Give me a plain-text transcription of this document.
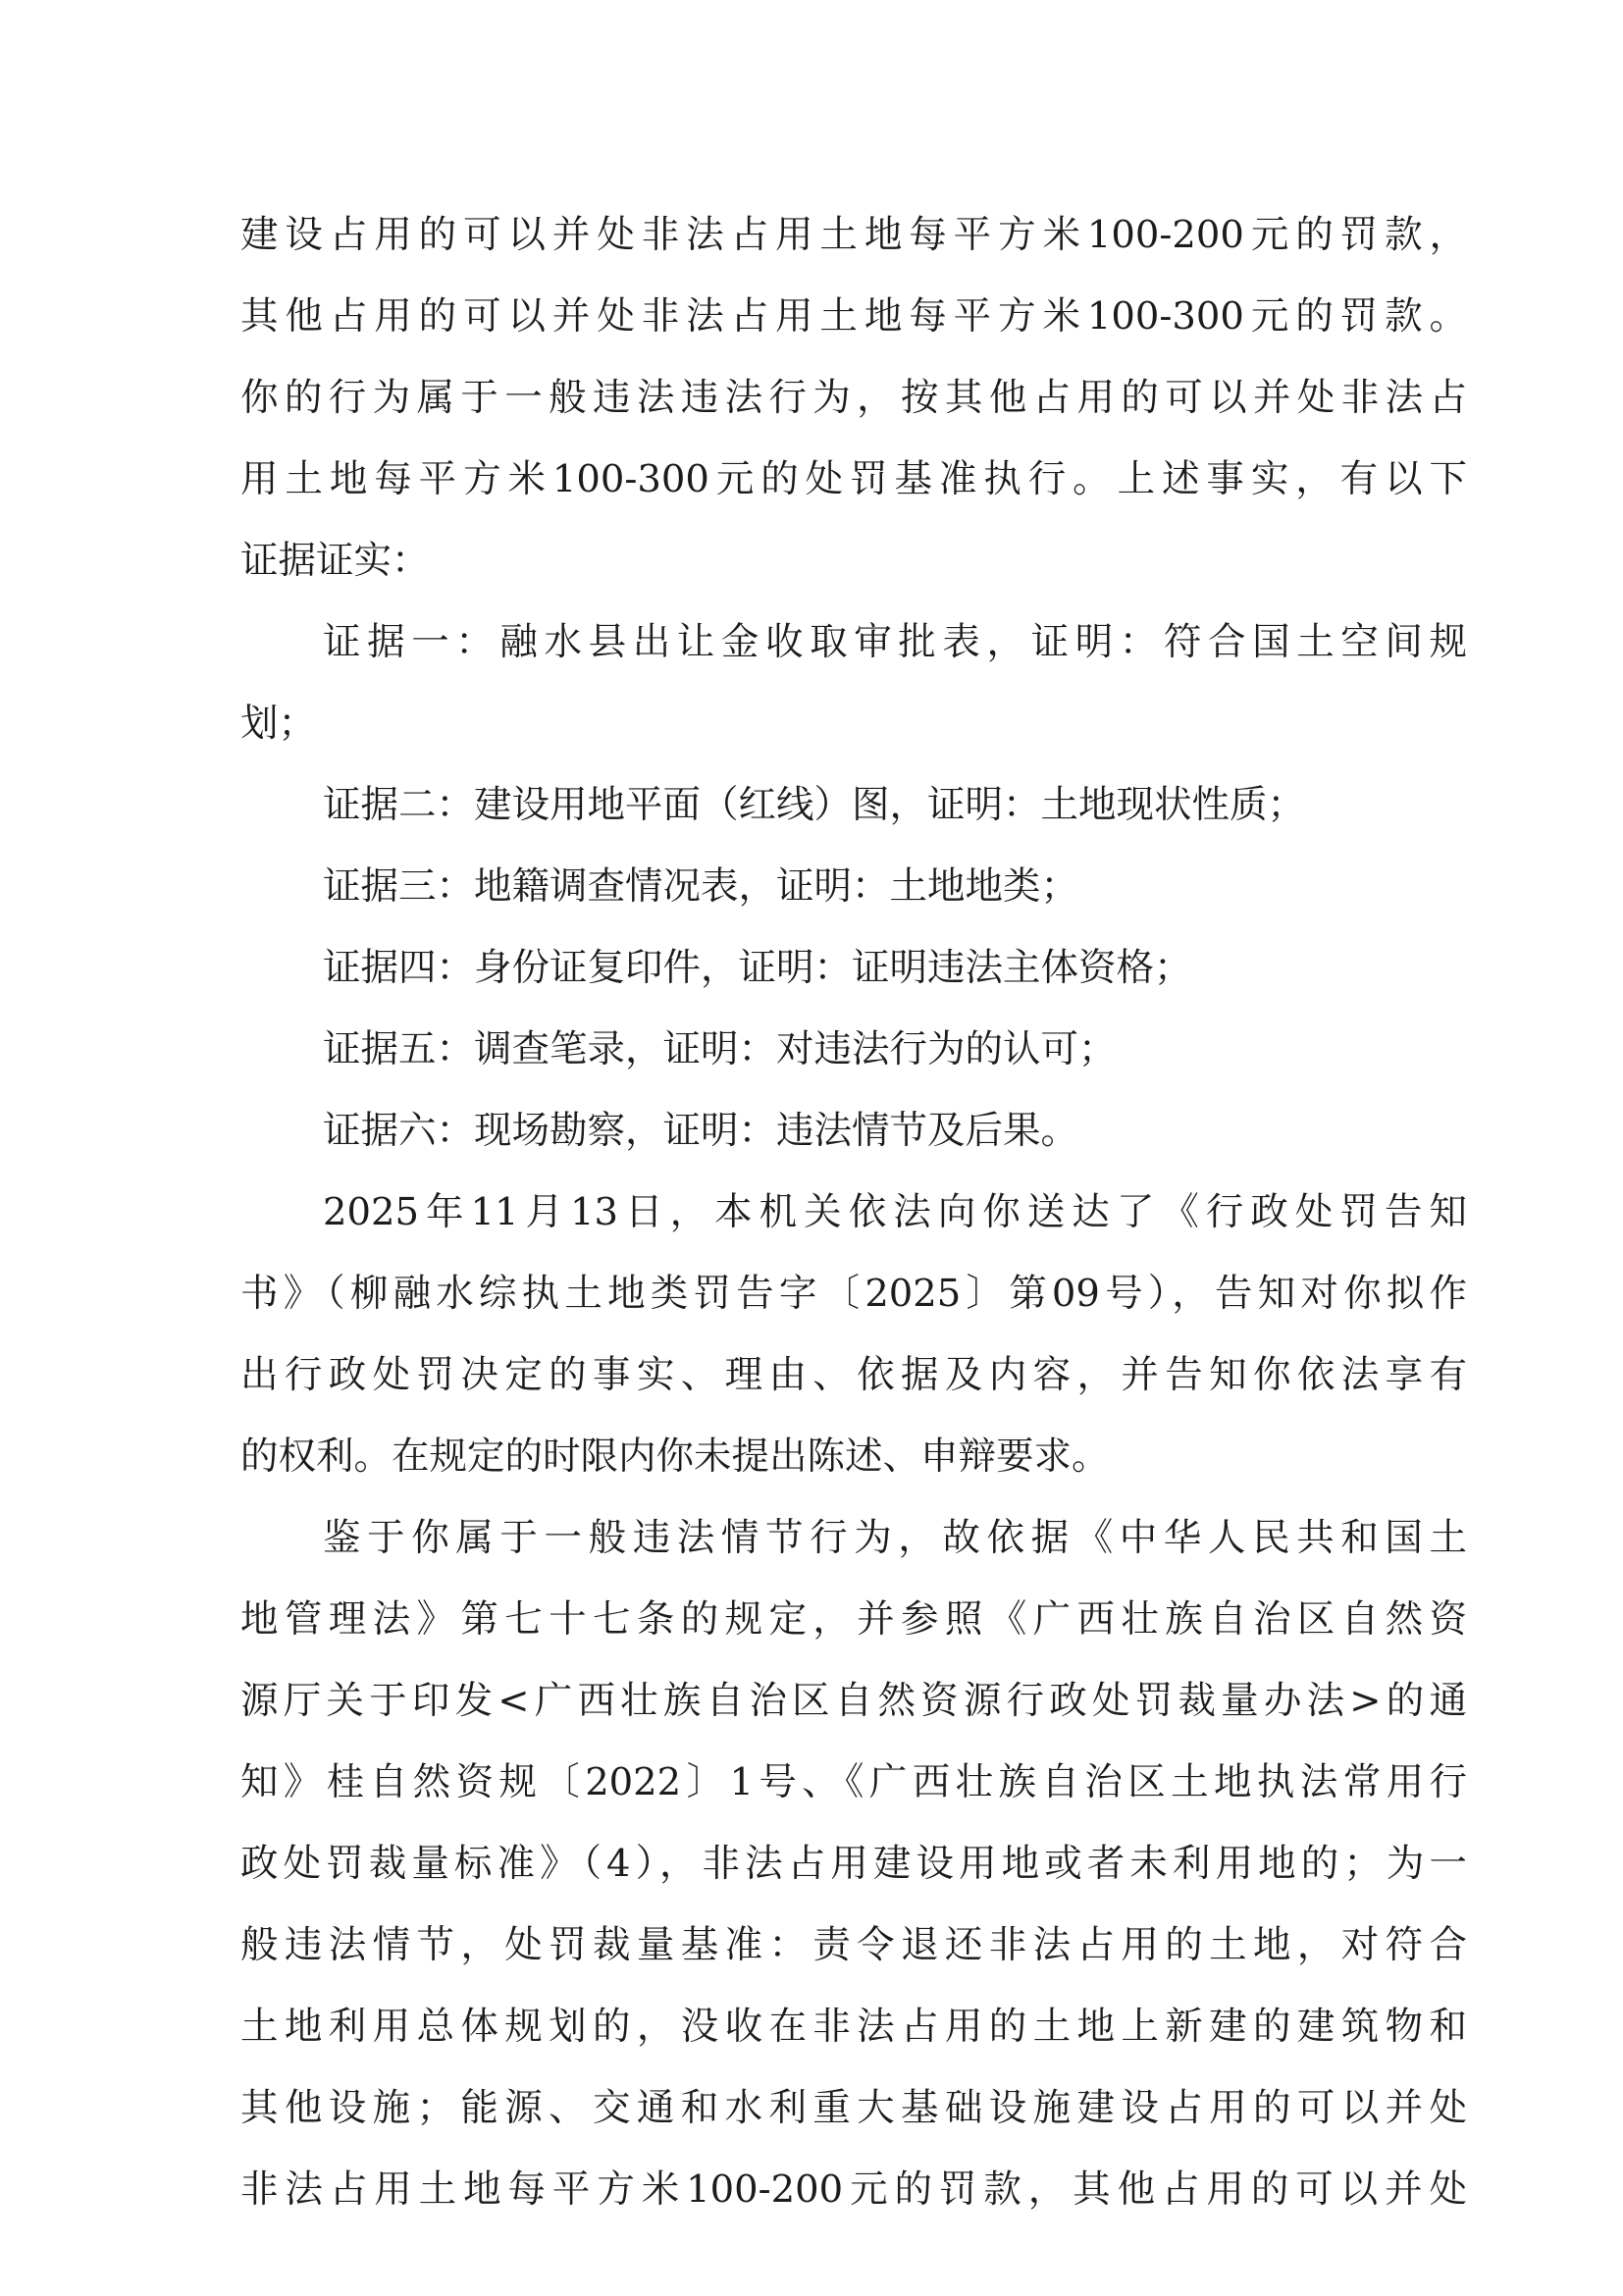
建设占用的可以并处非法占用土地每平方米100-200元的罚款，
其他占用的可以并处非法占用土地每平方米100-300元的罚款。
你的行为属于一般违法违法行为，按其他占用的可以并处非法占
用土地每平方米100-300元的处罚基准执行。上述事实，有以下
证据证实：
证据一：融水县出让金收取审批表，证明：符合国土空间规
划；
证据二：建设用地平面（红线）图，证明：土地现状性质；
证据三：地籍调查情况表，证明：土地地类；
证据四：身份证复印件，证明：证明违法主体资格；
证据五：调查笔录，证明：对违法行为的认可；
证据六：现场勘察，证明：违法情节及后果。
2025年11月13日，本机关依法向你送达了《行政处罚告知
书》（柳融水综执土地类罚告字〔2025〕第09号），告知对你拟作
出行政处罚决定的事实、理由、依据及内容，并告知你依法享有
的权利。在规定的时限内你未提出陈述、申辩要求。
鉴于你属于一般违法情节行为，故依据《中华人民共和国土
地管理法》第七十七条的规定，并参照《广西壮族自治区自然资
源厅关于印发<广西壮族自治区自然资源行政处罚裁量办法>的通
知》桂自然资规〔2022〕1号、《广西壮族自治区土地执法常用行
政处罚裁量标准》（4），非法占用建设用地或者未利用地的；为一
般违法情节，处罚裁量基准：责令退还非法占用的土地，对符合
土地利用总体规划的，没收在非法占用的土地上新建的建筑物和
其他设施；能源、交通和水利重大基础设施建设占用的可以并处
非法占用土地每平方米100-200元的罚款，其他占用的可以并处
